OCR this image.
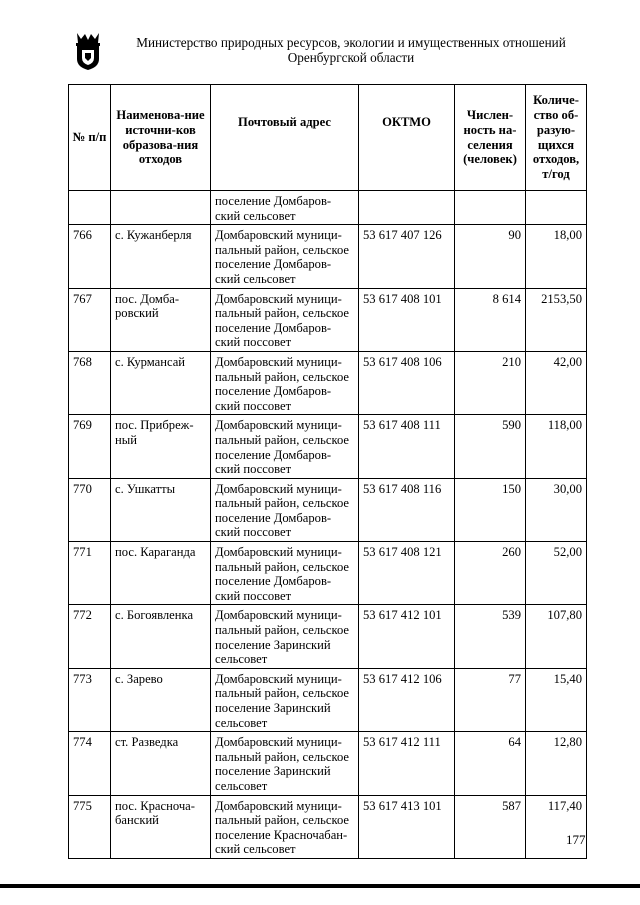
Министерство природных ресурсов, экологии и имущественных отношений
Оренбургской области
№ п/п	Наименова-ние источни-ков образова-ния отходов	Почтовый адрес	ОКТМО	Числен-ность на-селения (человек)	Количе-ство об-разую-щихся отходов, т/год
		поселение Домбаров-ский сельсовет			
766	с. Кужанберля	Домбаровский муници-пальный район, сельское поселение Домбаров-ский сельсовет	53 617 407 126	90	18,00
767	пос. Домба-ровский	Домбаровский муници-пальный район, сельское поселение Домбаров-ский поссовет	53 617 408 101	8 614	2153,50
768	с. Курмансай	Домбаровский муници-пальный район, сельское поселение Домбаров-ский поссовет	53 617 408 106	210	42,00
769	пос. Прибреж-ный	Домбаровский муници-пальный район, сельское поселение Домбаров-ский поссовет	53 617 408 111	590	118,00
770	с. Ушкатты	Домбаровский муници-пальный район, сельское поселение Домбаров-ский поссовет	53 617 408 116	150	30,00
771	пос. Караганда	Домбаровский муници-пальный район, сельское поселение Домбаров-ский поссовет	53 617 408 121	260	52,00
772	с. Богоявленка	Домбаровский муници-пальный район, сельское поселение Заринский сельсовет	53 617 412 101	539	107,80
773	с. Зарево	Домбаровский муници-пальный район, сельское поселение Заринский сельсовет	53 617 412 106	77	15,40
774	ст. Разведка	Домбаровский муници-пальный район, сельское поселение Заринский сельсовет	53 617 412 111	64	12,80
775	пос. Красноча-банский	Домбаровский муници-пальный район, сельское поселение Красночабан-ский сельсовет	53 617 413 101	587	117,40
177
